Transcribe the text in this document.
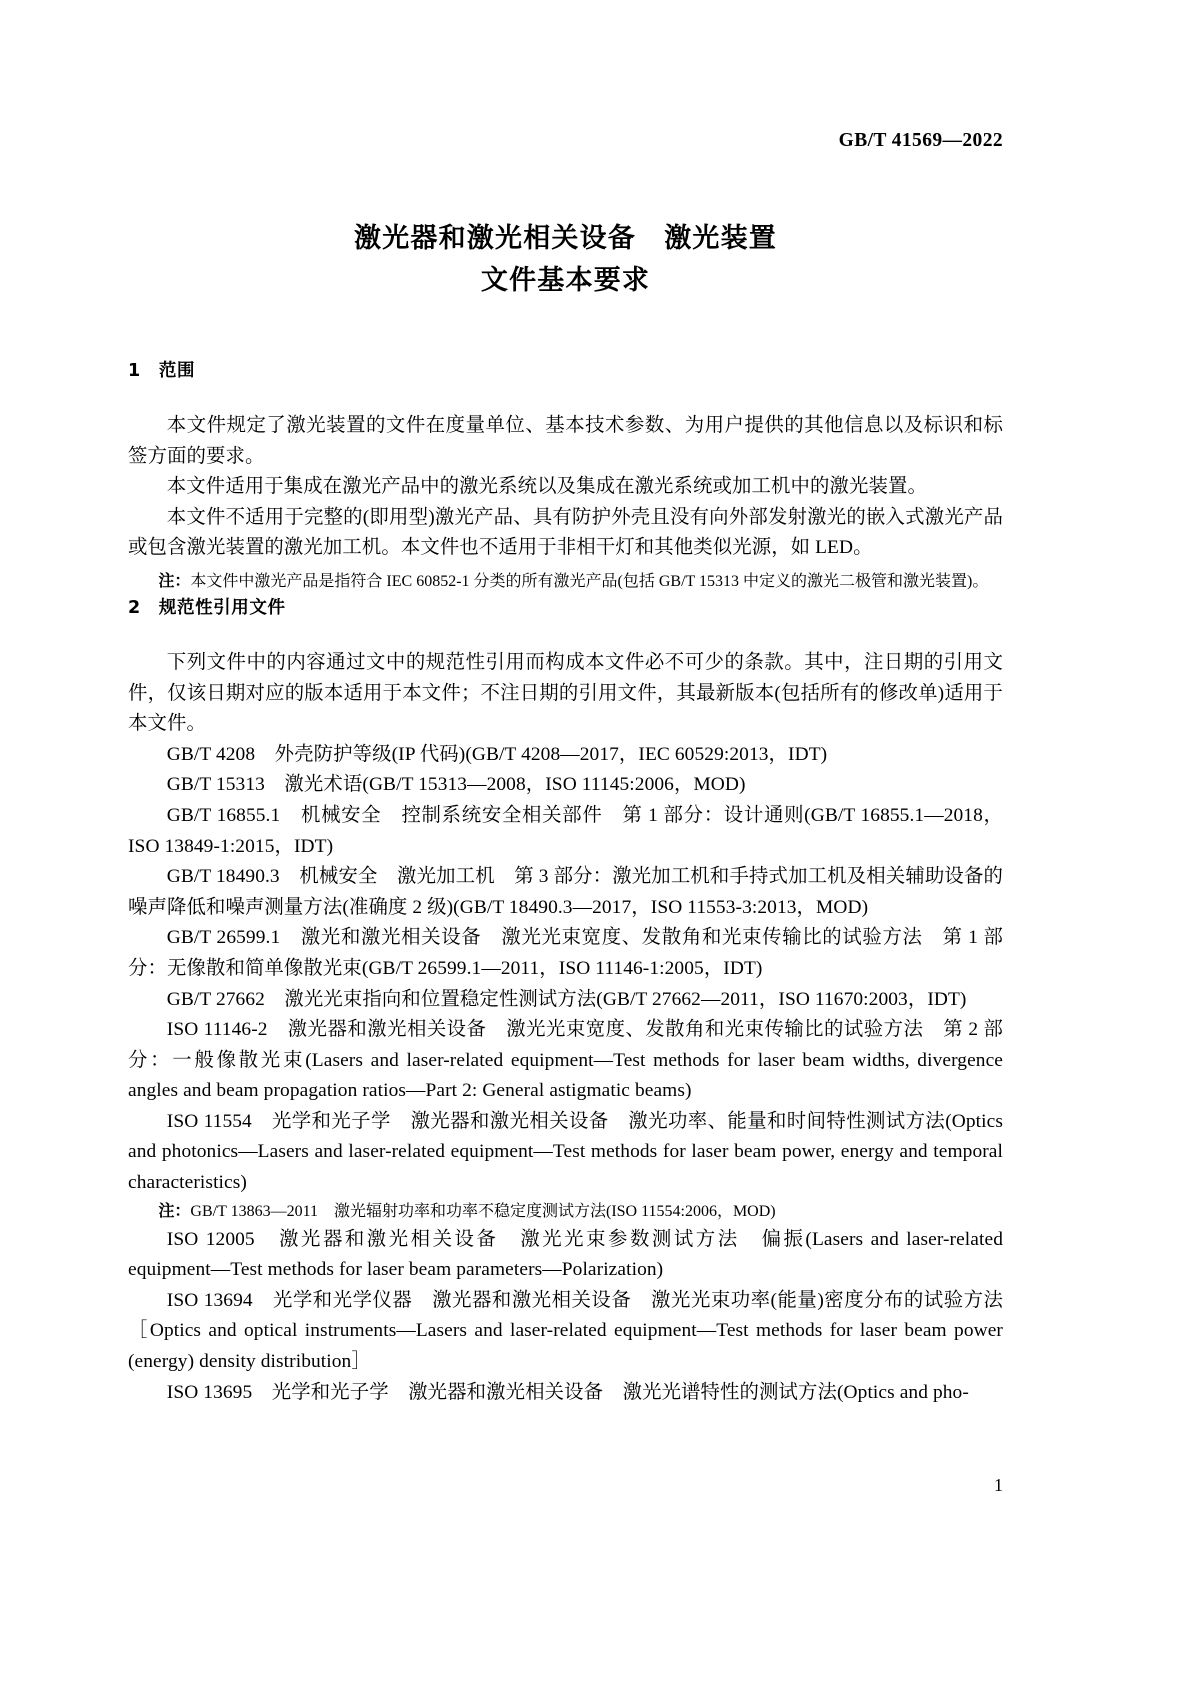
GB/T 41569—2022
激光器和激光相关设备　激光装置
文件基本要求
1　范围

本文件规定了激光装置的文件在度量单位、基本技术参数、为用户提供的其他信息以及标识和标签方面的要求。

本文件适用于集成在激光产品中的激光系统以及集成在激光系统或加工机中的激光装置。

本文件不适用于完整的(即用型)激光产品、具有防护外壳且没有向外部发射激光的嵌入式激光产品或包含激光装置的激光加工机。本文件也不适用于非相干灯和其他类似光源，如 LED。

注：本文件中激光产品是指符合 IEC 60852-1 分类的所有激光产品(包括 GB/T 15313 中定义的激光二极管和激光装置)。

2　规范性引用文件

下列文件中的内容通过文中的规范性引用而构成本文件必不可少的条款。其中，注日期的引用文件，仅该日期对应的版本适用于本文件；不注日期的引用文件，其最新版本(包括所有的修改单)适用于本文件。

GB/T 4208　外壳防护等级(IP 代码)(GB/T 4208—2017，IEC 60529:2013，IDT)

GB/T 15313　激光术语(GB/T 15313—2008，ISO 11145:2006，MOD)

GB/T 16855.1　机械安全　控制系统安全相关部件　第 1 部分：设计通则(GB/T 16855.1—2018，ISO 13849-1:2015，IDT)

GB/T 18490.3　机械安全　激光加工机　第 3 部分：激光加工机和手持式加工机及相关辅助设备的噪声降低和噪声测量方法(准确度 2 级)(GB/T 18490.3—2017，ISO 11553-3:2013，MOD)

GB/T 26599.1　激光和激光相关设备　激光光束宽度、发散角和光束传输比的试验方法　第 1 部分：无像散和简单像散光束(GB/T 26599.1—2011，ISO 11146-1:2005，IDT)

GB/T 27662　激光光束指向和位置稳定性测试方法(GB/T 27662—2011，ISO 11670:2003，IDT)

ISO 11146-2　激光器和激光相关设备　激光光束宽度、发散角和光束传输比的试验方法　第 2 部分：一般像散光束(Lasers and laser-related equipment—Test methods for laser beam widths, divergence angles and beam propagation ratios—Part 2: General astigmatic beams)

ISO 11554　光学和光子学　激光器和激光相关设备　激光功率、能量和时间特性测试方法(Optics and photonics—Lasers and laser-related equipment—Test methods for laser beam power, energy and temporal characteristics)

注：GB/T 13863—2011　激光辐射功率和功率不稳定度测试方法(ISO 11554:2006，MOD)

ISO 12005　激光器和激光相关设备　激光光束参数测试方法　偏振(Lasers and laser-related equipment—Test methods for laser beam parameters—Polarization)

ISO 13694　光学和光学仪器　激光器和激光相关设备　激光光束功率(能量)密度分布的试验方法［Optics and optical instruments—Lasers and laser-related equipment—Test methods for laser beam power (energy) density distribution］

ISO 13695　光学和光子学　激光器和激光相关设备　激光光谱特性的测试方法(Optics and pho-

1
